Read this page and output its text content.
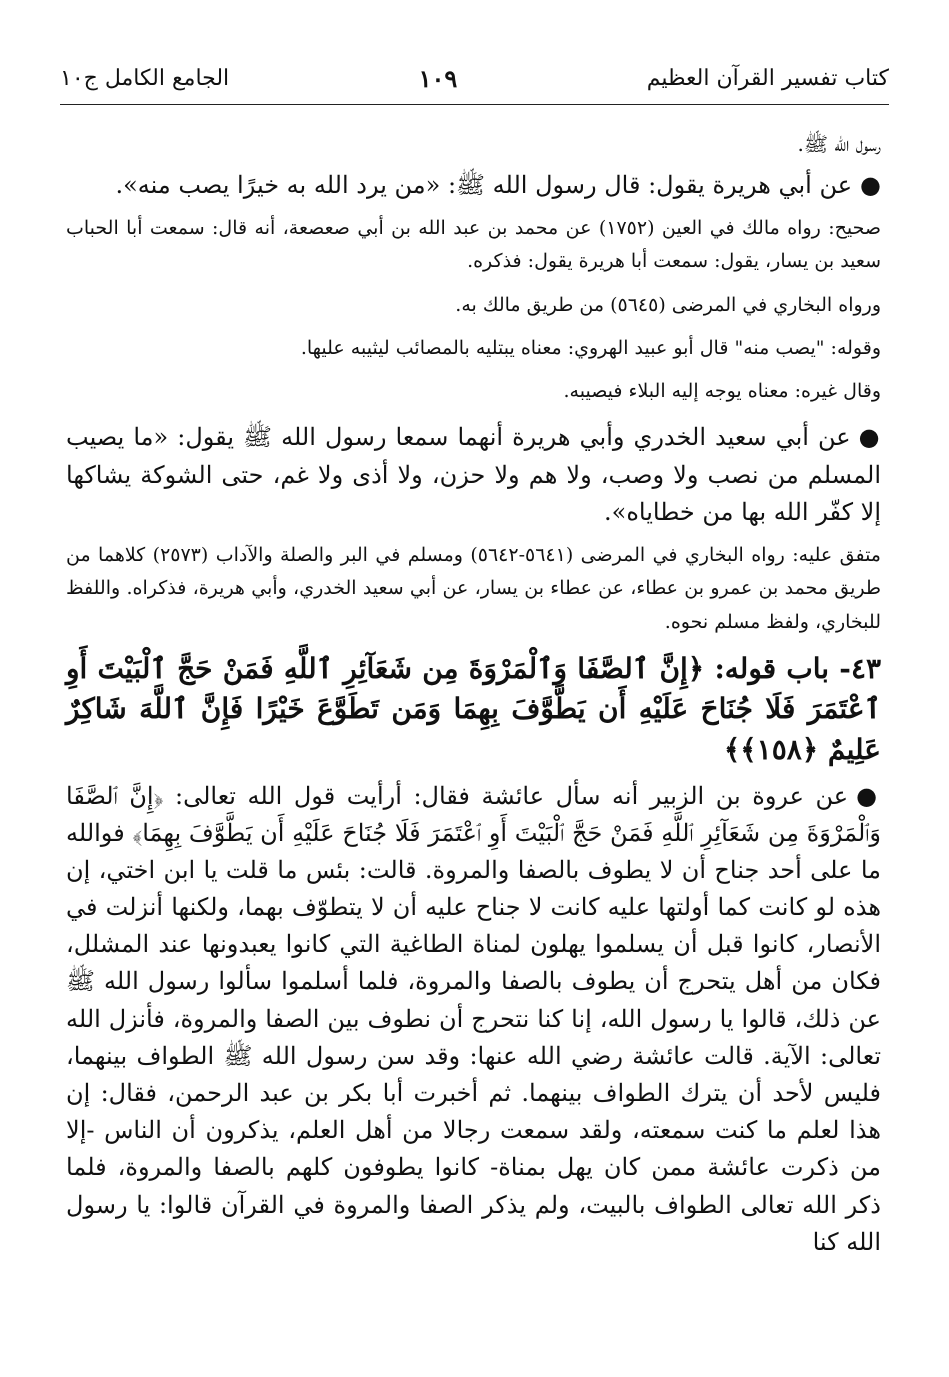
كتاب تفسير القرآن العظيم
١٠٩
الجامع الكامل ج١٠

رسول الله ﷺ.

●عن أبي هريرة يقول: قال رسول الله ﷺ: «من يرد الله به خيرًا يصب منه».

صحيح: رواه مالك في العين (١٧٥٢) عن محمد بن عبد الله بن أبي صعصعة، أنه قال: سمعت أبا الحباب سعيد بن يسار، يقول: سمعت أبا هريرة يقول: فذكره.

ورواه البخاري في المرضى (٥٦٤٥) من طريق مالك به.

وقوله: "يصب منه" قال أبو عبيد الهروي: معناه يبتليه بالمصائب ليثيبه عليها.

وقال غيره: معناه يوجه إليه البلاء فيصيبه.

●عن أبي سعيد الخدري وأبي هريرة أنهما سمعا رسول الله ﷺ يقول: «ما يصيب المسلم من نصب ولا وصب، ولا هم ولا حزن، ولا أذى ولا غم، حتى الشوكة يشاكها إلا كفّر الله بها من خطاياه».

متفق عليه: رواه البخاري في المرضى (٥٦٤١-٥٦٤٢) ومسلم في البر والصلة والآداب (٢٥٧٣) كلاهما من طريق محمد بن عمرو بن عطاء، عن عطاء بن يسار، عن أبي سعيد الخدري، وأبي هريرة، فذكراه. واللفظ للبخاري، ولفظ مسلم نحوه.

٤٣- باب قوله: ﴿إِنَّ ٱلصَّفَا وَٱلْمَرْوَةَ مِن شَعَآئِرِ ٱللَّهِ فَمَنْ حَجَّ ٱلْبَيْتَ أَوِ ٱعْتَمَرَ فَلَا جُنَاحَ عَلَيْهِ أَن يَطَّوَّفَ بِهِمَا وَمَن تَطَوَّعَ خَيْرًا فَإِنَّ ٱللَّهَ شَاكِرٌ عَلِيمٌ ﴿١٥٨﴾﴾

●عن عروة بن الزبير أنه سأل عائشة فقال: أرأيت قول الله تعالى: ﴿إِنَّ ٱلصَّفَا وَٱلْمَرْوَةَ مِن شَعَآئِرِ ٱللَّهِ فَمَنْ حَجَّ ٱلْبَيْتَ أَوِ ٱعْتَمَرَ فَلَا جُنَاحَ عَلَيْهِ أَن يَطَّوَّفَ بِهِمَا﴾ فوالله ما على أحد جناح أن لا يطوف بالصفا والمروة. قالت: بئس ما قلت يا ابن اختي، إن هذه لو كانت كما أولتها عليه كانت لا جناح عليه أن لا يتطوّف بهما، ولكنها أنزلت في الأنصار، كانوا قبل أن يسلموا يهلون لمناة الطاغية التي كانوا يعبدونها عند المشلل، فكان من أهل يتحرج أن يطوف بالصفا والمروة، فلما أسلموا سألوا رسول الله ﷺ عن ذلك، قالوا يا رسول الله، إنا كنا نتحرج أن نطوف بين الصفا والمروة، فأنزل الله تعالى: الآية. قالت عائشة رضي الله عنها: وقد سن رسول الله ﷺ الطواف بينهما، فليس لأحد أن يترك الطواف بينهما. ثم أخبرت أبا بكر بن عبد الرحمن، فقال: إن هذا لعلم ما كنت سمعته، ولقد سمعت رجالا من أهل العلم، يذكرون أن الناس -إلا من ذكرت عائشة ممن كان يهل بمناة- كانوا يطوفون كلهم بالصفا والمروة، فلما ذكر الله تعالى الطواف بالبيت، ولم يذكر الصفا والمروة في القرآن قالوا: يا رسول الله كنا
